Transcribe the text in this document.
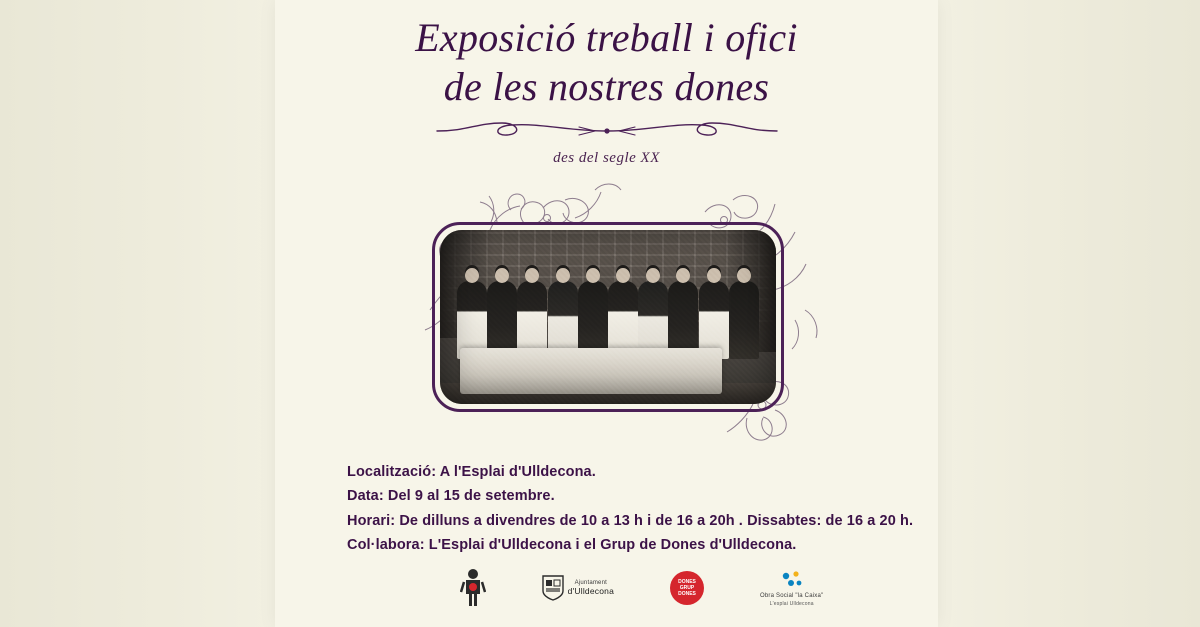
Exposició treball i ofici
de les nostres dones
des del segle XX
Localització: A l'Esplai d'Ulldecona.
Data: Del 9 al 15 de setembre.
Horari: De dilluns a divendres de 10 a 13 h i de 16 a 20h . Dissabtes: de 16 a 20 h.
Col·labora: L'Esplai d'Ulldecona i el Grup de Dones d'Ulldecona.
Ajuntament
d'Ulldecona
DONES
GRUP
DONES	Obra Social "la Caixa"
L'esplai Ulldecona
